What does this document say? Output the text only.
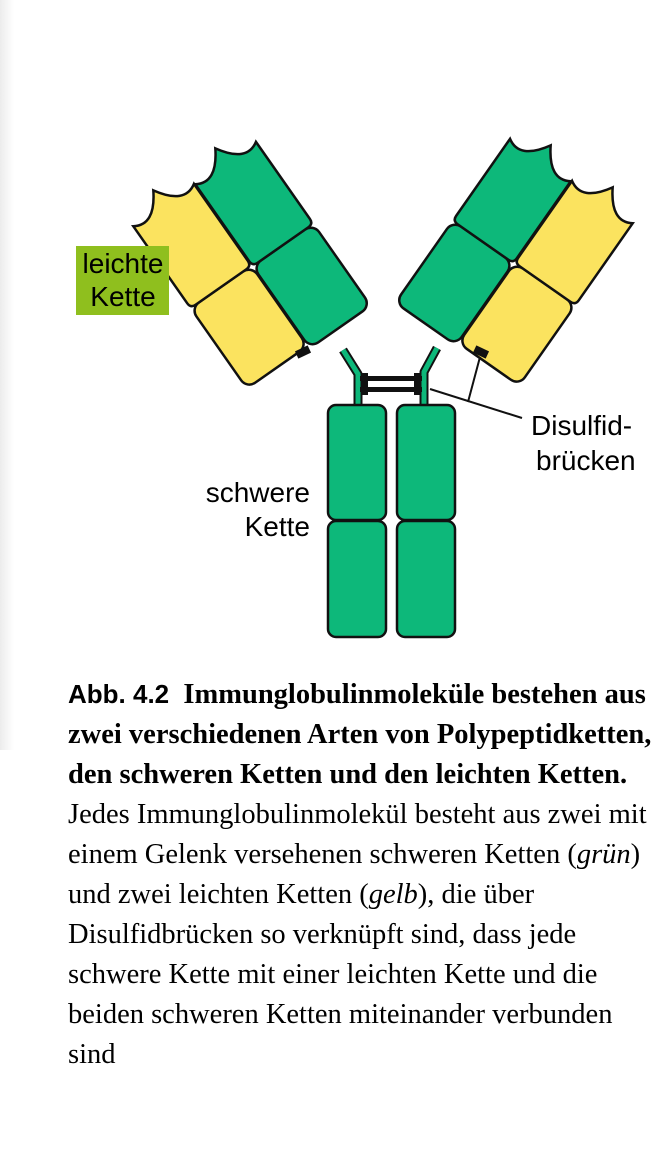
leichte
Kette
schwere
Kette
Disulfid-
brücken
Abb. 4.2 Immunglobulinmoleküle bestehen aus zwei verschiedenen Arten von Polypeptidketten, den schweren Ketten und den leichten Ketten. Jedes Immunglobulinmolekül besteht aus zwei mit einem Gelenk versehenen schweren Ketten (grün) und zwei leichten Ketten (gelb), die über Disulfidbrücken so verknüpft sind, dass jede schwere Kette mit einer leichten Kette und die beiden schweren Ketten miteinander verbunden sind
